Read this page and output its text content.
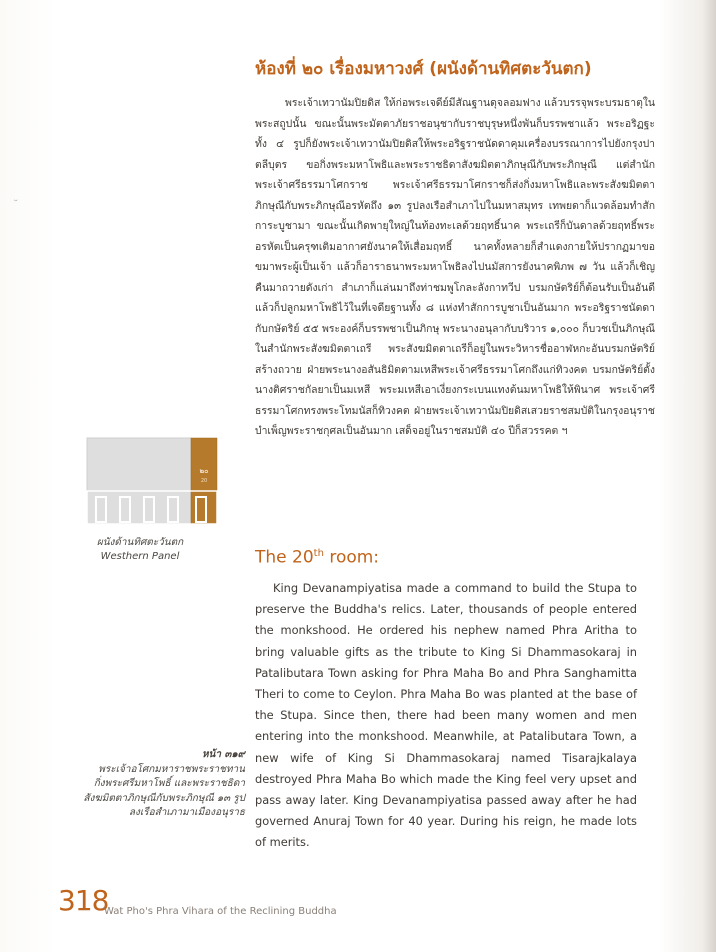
˘
ห้องที่ ๒๐ เรื่องมหาวงศ์ (ผนังด้านทิศตะวันตก)

พระเจ้าเทวานัมปิยดิส ให้ก่อพระเจดีย์มีสัณฐานดุจลอมฟาง แล้วบรรจุพระบรมธาตุในพระสถูปนั้น ขณะนั้นพระมัตตาภัยราชอนุชากับราชบุรุษหนึ่งพันก็บรรพชาแล้ว พระอริฏฐะทั้ง ๔ รูปก็ยังพระเจ้าเทวานัมปิยดิสให้พระอริฐราชนัดดาคุมเครื่องบรรณาการไปยังกรุงปาตลีบุตร ขอกิ่งพระมหาโพธิและพระราชธิดาสังฆมิตตาภิกษุณีกับพระภิกษุณี แต่สำนักพระเจ้าศรีธรรมาโศกราช พระเจ้าศรีธรรมาโศกราชก็ส่งกิ่งมหาโพธิและพระสังฆมิตตาภิกษุณีกับพระภิกษุณีอรหัตถึง ๑๓ รูปลงเรือสำเภาไปในมหาสมุทร เทพยดาก็แวดล้อมทำสักการะบูชามา ขณะนั้นเกิดพายุใหญ่ในท้องทะเลด้วยฤทธิ์นาค พระเถรีก็บันดาลด้วยฤทธิ์พระอรหัตเป็นครุฑเติมอากาศยังนาคให้เสื่อมฤทธิ์ นาคทั้งหลายก็สำแดงกายให้ปรากฏมาขอขมาพระผู้เป็นเจ้า แล้วก็อาราธนาพระมหาโพธิลงไปนมัสการยังนาคพิภพ ๗ วัน แล้วก็เชิญคืนมาถวายดังเก่า สำเภาก็แล่นมาถึงท่าชมพูโกละลังกาทวีป บรมกษัตริย์ก็ต้อนรับเป็นอันดี แล้วก็ปลูกมหาโพธิไว้ในที่เจดียฐานทั้ง ๘ แห่งทำสักการบูชาเป็นอันมาก พระอริฐราชนัดดากับกษัตริย์ ๕๕ พระองค์ก็บรรพชาเป็นภิกษุ พระนางอนุลากับบริวาร ๑,๐๐๐ ก็บวชเป็นภิกษุณีในสำนักพระสังฆมิตตาเถรี พระสังฆมิตตาเถรีก็อยู่ในพระวิหารชื่ออาฬหกะอันบรมกษัตริย์สร้างถวาย ฝ่ายพระนางอสันธิมิตตามเหสีพระเจ้าศรีธรรมาโศกถึงแก่ทิวงคต บรมกษัตริย์ตั้งนางติศราชกัลยาเป็นมเหสี พระมเหสีเอาเงี่ยงกระเบนแทงต้นมหาโพธิให้พินาศ พระเจ้าศรีธรรมาโศกทรงพระโทมนัสก็ทิวงคต ฝ่ายพระเจ้าเทวานัมปิยดิสเสวยราชสมบัติในกรุงอนุราช บำเพ็ญพระราชกุศลเป็นอันมาก เสด็จอยู่ในราชสมบัติ ๔๐ ปีก็สวรรคต ฯ

๒๐
20
ผนังด้านทิศตะวันตก
Westhern Panel	The 20th room:

King Devanampiyatisa made a command to build the Stupa to preserve the Buddha's relics. Later, thousands of people entered the monkshood. He ordered his nephew named Phra Aritha to bring valuable gifts as the tribute to King Si Dhammasokaraj in Patalibutara Town asking for Phra Maha Bo and Phra Sanghamitta Theri to come to Ceylon. Phra Maha Bo was planted at the base of the Stupa. Since then, there had been many women and men entering into the monkshood. Meanwhile, at Patalibutara Town, a new wife of King Si Dhammasokaraj named Tisarajkalaya destroyed Phra Maha Bo which made the King feel very upset and pass away later. King Devanampiyatisa passed away after he had governed Anuraj Town for 40 year. During his reign, he made lots of merits.

หน้า ๓๑๙
พระเจ้าอโศกมหาราชพระราชทาน
กิ่งพระศรีมหาโพธิ์ และพระราชธิดา
สังฆมิตตาภิกษุณีกับพระภิกษุณี ๑๓ รูป
ลงเรือสำเภามาเมืองอนุราธ
318
Wat Pho's Phra Vihara of the Reclining Buddha
